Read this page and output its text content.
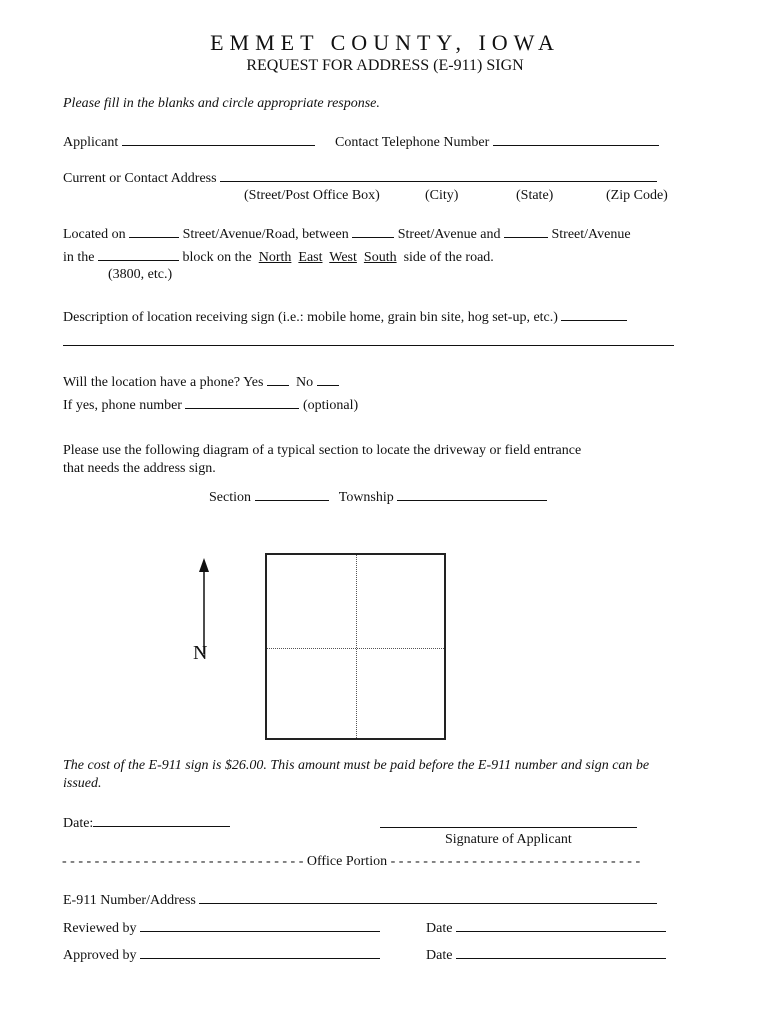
EMMET COUNTY, IOWA
REQUEST FOR ADDRESS (E-911) SIGN
Please fill in the blanks and circle appropriate response.
Applicant	Contact Telephone Number
Current or Contact Address
(Street/Post Office Box)	(City)	(State)	(Zip Code)
Located on	Street/Avenue/Road, between	Street/Avenue and	Street/Avenue
in the	block on the North East West South side of the road.
(3800, etc.)
Description of location receiving sign (i.e.: mobile home, grain bin site, hog set-up, etc.)
Will the location have a phone? Yes No
If yes, phone number	(optional)
Please use the following diagram of a typical section to locate the driveway or field entrance
that needs the address sign.
Section	Township
N
The cost of the E-911 sign is $26.00. This amount must be paid before the E-911 number and sign can be
issued.
Date:
Signature of Applicant
- - - - - - - - - - - - - - - - - - - - - - - - - - - - - - Office Portion - - - - - - - - - - - - - - - - - - - - - - - - - - - - - - -
E-911 Number/Address
Reviewed by	Date
Approved by	Date
